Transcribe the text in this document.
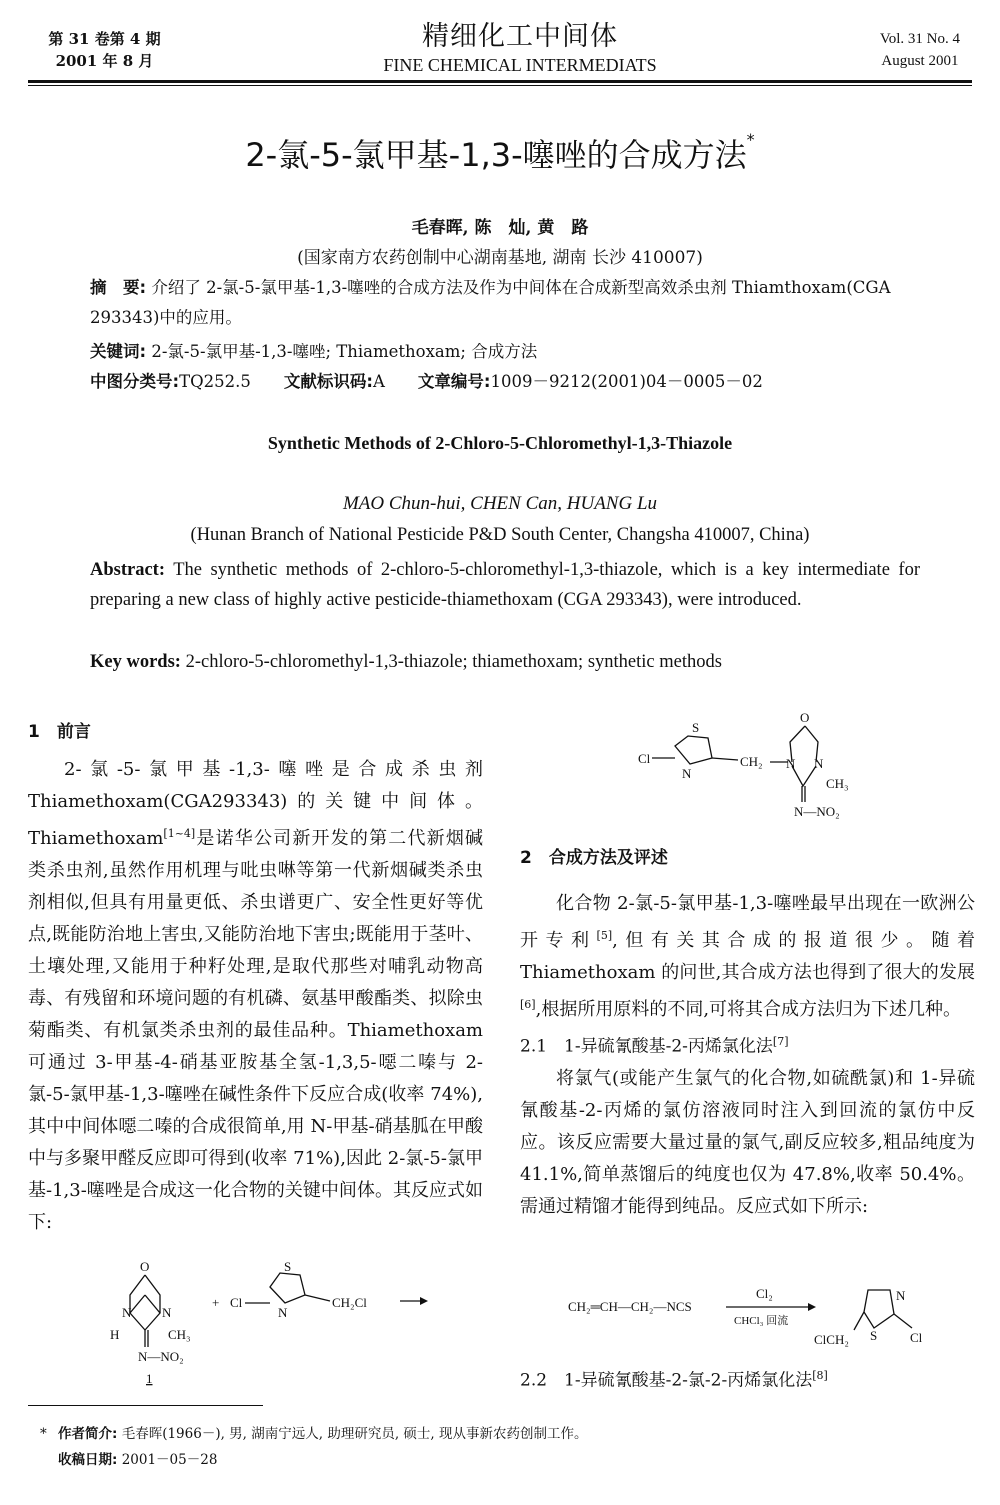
第 31 卷第 4 期
2001 年 8 月
精细化工中间体
FINE CHEMICAL INTERMEDIATS
Vol. 31 No. 4
August 2001
2-氯-5-氯甲基-1,3-噻唑的合成方法*
毛春晖, 陈　灿, 黄　路
(国家南方农药创制中心湖南基地, 湖南 长沙 410007)
摘　要: 介绍了 2-氯-5-氯甲基-1,3-噻唑的合成方法及作为中间体在合成新型高效杀虫剂 Thiamthoxam(CGA 293343)中的应用。
关键词: 2-氯-5-氯甲基-1,3-噻唑; Thiamethoxam; 合成方法
中图分类号:TQ252.5　　 文献标识码:A　　 文章编号:1009－9212(2001)04－0005－02
Synthetic Methods of 2-Chloro-5-Chloromethyl-1,3-Thiazole
MAO Chun-hui, CHEN Can, HUANG Lu
(Hunan Branch of National Pesticide P&D South Center, Changsha 410007, China)
Abstract: The synthetic methods of 2-chloro-5-chloromethyl-1,3-thiazole, which is a key intermediate for preparing a new class of highly active pesticide-thiamethoxam (CGA 293343), were introduced.
Key words: 2-chloro-5-chloromethyl-1,3-thiazole; thiamethoxam; synthetic methods
1　前言

2-氯-5-氯甲基-1,3-噻唑是合成杀虫剂 Thiamethoxam(CGA293343)的关键中间体。Thiamethoxam[1~4]是诺华公司新开发的第二代新烟碱类杀虫剂,虽然作用机理与吡虫啉等第一代新烟碱类杀虫剂相似,但具有用量更低、杀虫谱更广、安全性更好等优点,既能防治地上害虫,又能防治地下害虫;既能用于茎叶、土壤处理,又能用于种籽处理,是取代那些对哺乳动物高毒、有残留和环境问题的有机磷、氨基甲酸酯类、拟除虫菊酯类、有机氯类杀虫剂的最佳品种。Thiamethoxam 可通过 3-甲基-4-硝基亚胺基全氢-1,3,5-噁二嗪与 2-氯-5-氯甲基-1,3-噻唑在碱性条件下反应合成(收率 74%),其中中间体噁二嗪的合成很简单,用 N-甲基-硝基胍在甲酸中与多聚甲醛反应即可得到(收率 71%),因此 2-氯-5-氯甲基-1,3-噻唑是合成这一化合物的关键中间体。其反应式如下:

O
N N
H	CH₃
N—NO₂
1
+ Cl
S
N
CH₂Cl
Cl
S
N
CH₂
O
N N
CH₃
N—NO₂
2　合成方法及评述

化合物 2-氯-5-氯甲基-1,3-噻唑最早出现在一欧洲公开专利[5],但有关其合成的报道很少。随着 Thiamethoxam 的问世,其合成方法也得到了很大的发展[6],根据所用原料的不同,可将其合成方法归为下述几种。

2.1　1-异硫氰酸基-2-丙烯氯化法[7]

将氯气(或能产生氯气的化合物,如硫酰氯)和 1-异硫氰酸基-2-丙烯的氯仿溶液同时注入到回流的氯仿中反应。该反应需要大量过量的氯气,副反应较多,粗品纯度为 41.1%,简单蒸馏后的纯度也仅为 47.8%,收率 50.4%。需通过精馏才能得到纯品。反应式如下所示:

CH₂═CH—CH₂—NCS
Cl₂
CHCl₃ 回流
N
S	Cl
ClCH₂

2.2　1-异硫氰酸基-2-氯-2-丙烯氯化法[8]

* 作者简介: 毛春晖(1966－), 男, 湖南宁远人, 助理研究员, 硕士, 现从事新农药创制工作。
收稿日期: 2001－05－28
